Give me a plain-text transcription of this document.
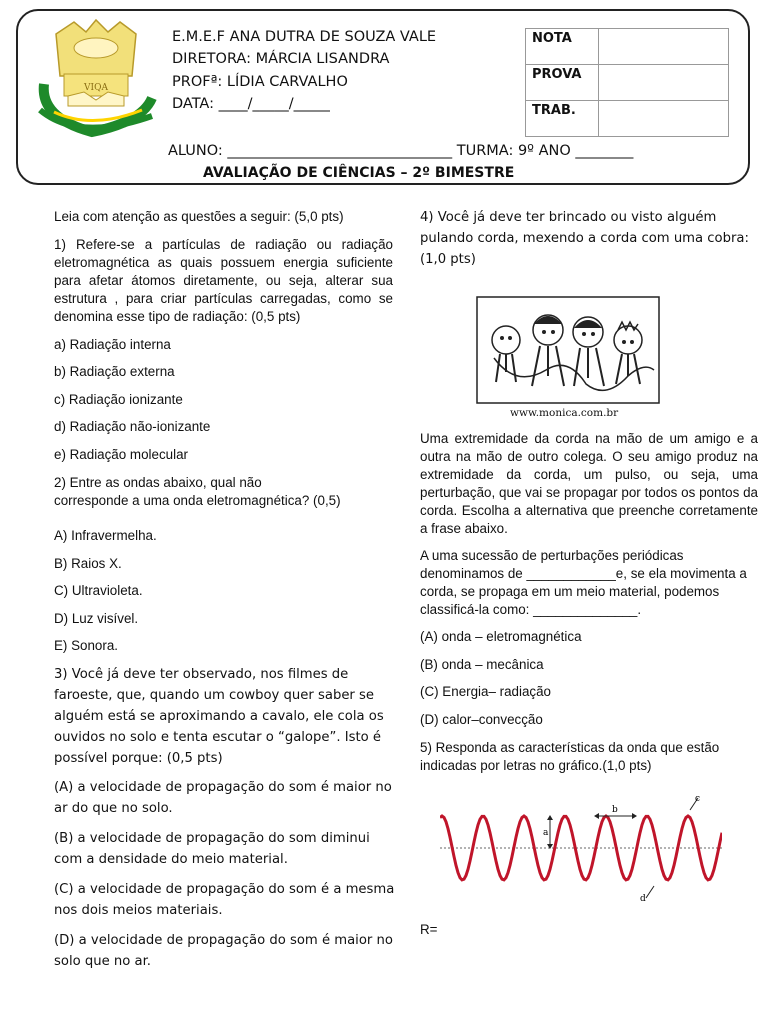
VIQA
E.M.E.F ANA DUTRA DE SOUZA VALE
DIRETORA: MÁRCIA LISANDRA
PROFª: LÍDIA CARVALHO
DATA: ____/_____/_____
NOTA	
PROVA	
TRAB.	
ALUNO: _______________________________ TURMA: 9º ANO ________
AVALIAÇÃO DE CIÊNCIAS – 2º BIMESTRE

Leia com atenção as questões a seguir: (5,0 pts)

1) Refere-se a partículas de radiação ou radiação eletromagnética as quais possuem energia suficiente para afetar átomos diretamente, ou seja, alterar sua estrutura , para criar partículas carregadas, como se denomina esse tipo de radiação: (0,5 pts)

a) Radiação interna

b) Radiação externa

c) Radiação ionizante

d) Radiação não-ionizante

e) Radiação molecular

2) Entre as ondas abaixo, qual não

corresponde a uma onda eletromagnética? (0,5)

A) Infravermelha.

B) Raios X.

C) Ultravioleta.

D) Luz visível.

E) Sonora.

3) Você já deve ter observado, nos filmes de faroeste, que, quando um cowboy quer saber se alguém está se aproximando a cavalo, ele cola os ouvidos no solo e tenta escutar o “galope”. Isto é possível porque: (0,5 pts)

(A) a velocidade de propagação do som é maior no ar do que no solo.

(B) a velocidade de propagação do som diminui com a densidade do meio material.

(C) a velocidade de propagação do som é a mesma nos dois meios materiais.

(D) a velocidade de propagação do som é maior no solo que no ar.

4) Você já deve ter brincado ou visto alguém pulando corda, mexendo a corda com uma cobra: (1,0 pts)

www.monica.com.br

Uma extremidade da corda na mão de um amigo e a outra na mão de outro colega. O seu amigo produz na extremidade da corda, um pulso, ou seja, uma perturbação, que vai se propagar por todos os pontos da corda. Escolha a alternativa que preenche corretamente a frase abaixo.

A uma sucessão de perturbações periódicas denominamos de ____________e, se ela movimenta a corda, se propaga em um meio material, podemos classificá-la como: ______________.

(A) onda – eletromagnética

(B) onda – mecânica

(C) Energia– radiação

(D) calor–convecção

5) Responda as características da onda que estão indicadas por letras no gráfico.(1,0 pts)

a
b
c
d
R=
